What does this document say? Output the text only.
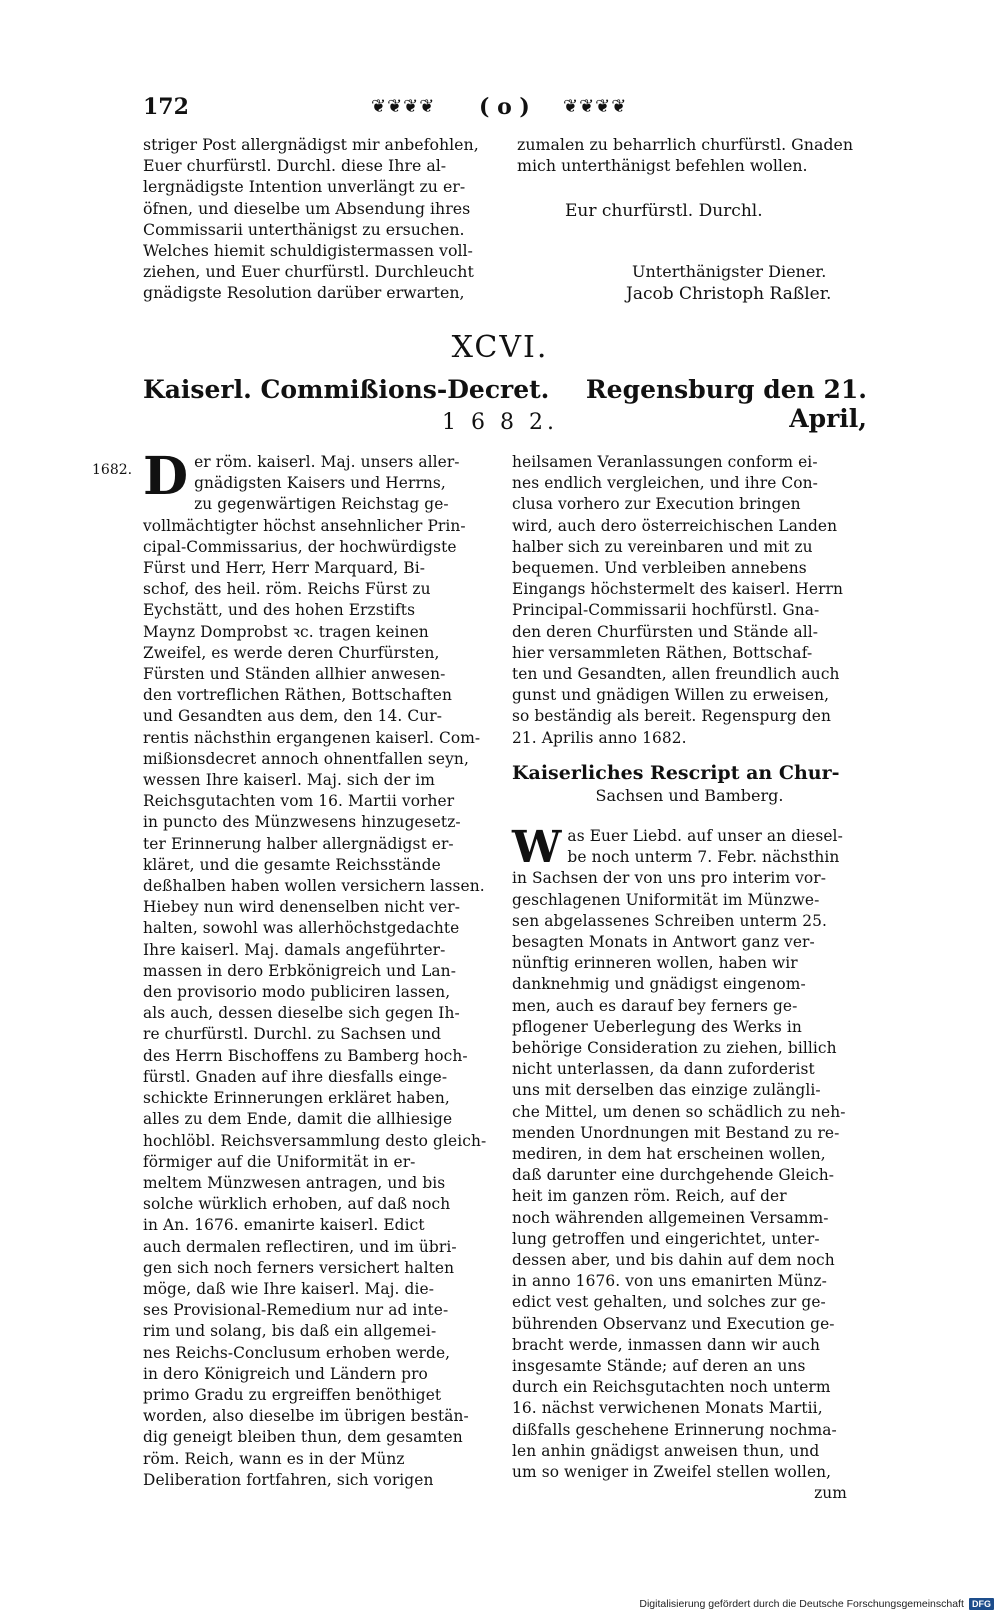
172	❦❦❦❦ ( o ) ❦❦❦❦

striger Post allergnädigst mir anbefohlen,

Euer churfürstl. Durchl. diese Ihre al-

lergnädigste Intention unverlängt zu er-

öfnen, und dieselbe um Absendung ihres

Commissarii unterthänigst zu ersuchen.

Welches hiemit schuldigistermassen voll-

ziehen, und Euer churfürstl. Durchleucht

gnädigste Resolution darüber erwarten,

zumalen zu beharrlich churfürstl. Gnaden

mich unterthänigst befehlen wollen.

Eur churfürstl. Durchl.
Unterthänigster Diener.
Jacob Christoph Raßler.
XCVI.
Kaiserl. Commißions-Decret.	Regensburg den 21. April,
1 6 8 2.
1682. D er röm. kaiserl. Maj. unsers aller-

gnädigsten Kaisers und Herrns,

zu gegenwärtigen Reichstag ge-

vollmächtigter höchst ansehnlicher Prin-

cipal-Commissarius, der hochwürdigste

Fürst und Herr, Herr Marquard, Bi-

schof, des heil. röm. Reichs Fürst zu

Eychstätt, und des hohen Erzstifts

Maynz Domprobst ꝛc. tragen keinen

Zweifel, es werde deren Churfürsten,

Fürsten und Ständen allhier anwesen-

den vortreflichen Räthen, Bottschaften

und Gesandten aus dem, den 14. Cur-

rentis nächsthin ergangenen kaiserl. Com-

mißionsdecret annoch ohnentfallen seyn,

wessen Ihre kaiserl. Maj. sich der im

Reichsgutachten vom 16. Martii vorher

in puncto des Münzwesens hinzugesetz-

ter Erinnerung halber allergnädigst er-

kläret, und die gesamte Reichsstände

deßhalben haben wollen versichern lassen.

Hiebey nun wird denenselben nicht ver-

halten, sowohl was allerhöchstgedachte

Ihre kaiserl. Maj. damals angeführter-

massen in dero Erbkönigreich und Lan-

den provisorio modo publiciren lassen,

als auch, dessen dieselbe sich gegen Ih-

re churfürstl. Durchl. zu Sachsen und

des Herrn Bischoffens zu Bamberg hoch-

fürstl. Gnaden auf ihre diesfalls einge-

schickte Erinnerungen erkläret haben,

alles zu dem Ende, damit die allhiesige

hochlöbl. Reichsversammlung desto gleich-

förmiger auf die Uniformität in er-

meltem Münzwesen antragen, und bis

solche würklich erhoben, auf daß noch

in An. 1676. emanirte kaiserl. Edict

auch dermalen reflectiren, und im übri-

gen sich noch ferners versichert halten

möge, daß wie Ihre kaiserl. Maj. die-

ses Provisional-Remedium nur ad inte-

rim und solang, bis daß ein allgemei-

nes Reichs-Conclusum erhoben werde,

in dero Königreich und Ländern pro

primo Gradu zu ergreiffen benöthiget

worden, also dieselbe im übrigen bestän-

dig geneigt bleiben thun, dem gesamten

röm. Reich, wann es in der Münz

Deliberation fortfahren, sich vorigen

heilsamen Veranlassungen conform ei-

nes endlich vergleichen, und ihre Con-

clusa vorhero zur Execution bringen

wird, auch dero österreichischen Landen

halber sich zu vereinbaren und mit zu

bequemen. Und verbleiben annebens

Eingangs höchstermelt des kaiserl. Herrn

Principal-Commissarii hochfürstl. Gna-

den deren Churfürsten und Stände all-

hier versammleten Räthen, Bottschaf-

ten und Gesandten, allen freundlich auch

gunst und gnädigen Willen zu erweisen,

so beständig als bereit. Regenspurg den

21. Aprilis anno 1682.

Kaiserliches Rescript an Chur-
Sachsen und Bamberg.
W as Euer Liebd. auf unser an diesel-

be noch unterm 7. Febr. nächsthin

in Sachsen der von uns pro interim vor-

geschlagenen Uniformität im Münzwe-

sen abgelassenes Schreiben unterm 25.

besagten Monats in Antwort ganz ver-

nünftig erinneren wollen, haben wir

danknehmig und gnädigst eingenom-

men, auch es darauf bey ferners ge-

pflogener Ueberlegung des Werks in

behörige Consideration zu ziehen, billich

nicht unterlassen, da dann zuforderist

uns mit derselben das einzige zulängli-

che Mittel, um denen so schädlich zu neh-

menden Unordnungen mit Bestand zu re-

mediren, in dem hat erscheinen wollen,

daß darunter eine durchgehende Gleich-

heit im ganzen röm. Reich, auf der

noch währenden allgemeinen Versamm-

lung getroffen und eingerichtet, unter-

dessen aber, und bis dahin auf dem noch

in anno 1676. von uns emanirten Münz-

edict vest gehalten, und solches zur ge-

bührenden Observanz und Execution ge-

bracht werde, inmassen dann wir auch

insgesamte Stände; auf deren an uns

durch ein Reichsgutachten noch unterm

16. nächst verwichenen Monats Martii,

dißfalls geschehene Erinnerung nochma-

len anhin gnädigst anweisen thun, und

um so weniger in Zweifel stellen wollen,

zum

Digitalisierung gefördert durch die Deutsche Forschungsgemeinschaft DFG
